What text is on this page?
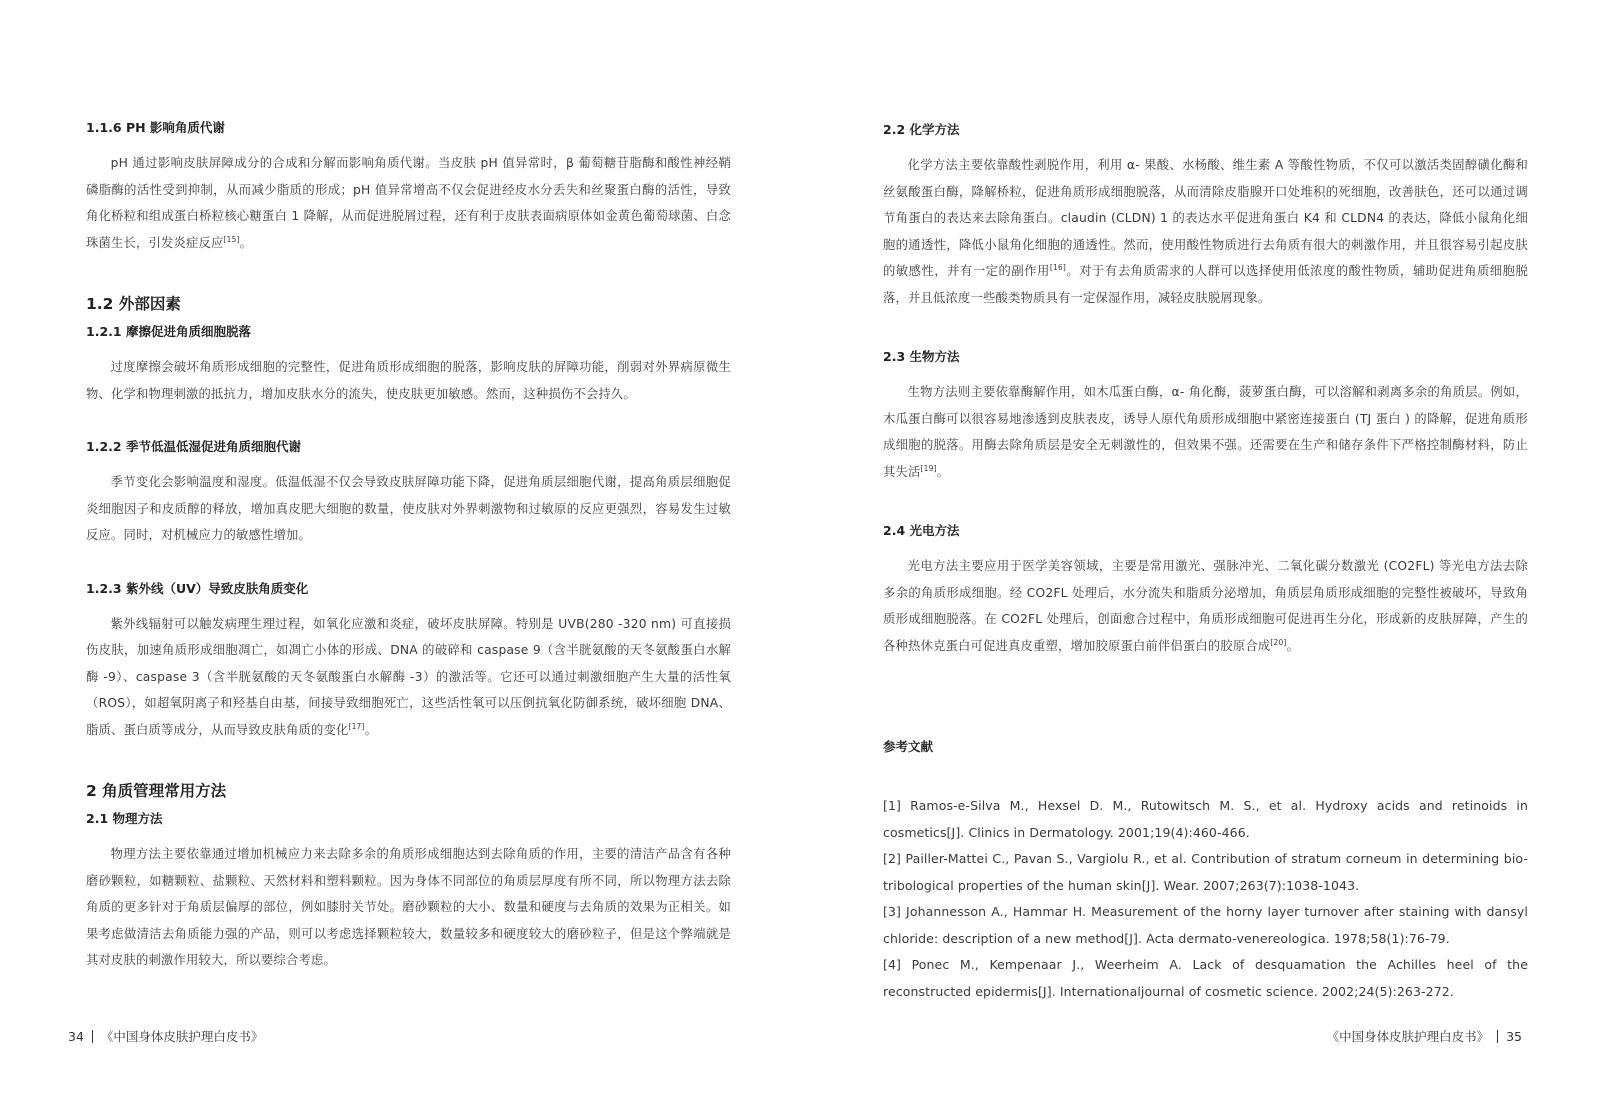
1.1.6 PH 影响角质代谢

pH 通过影响皮肤屏障成分的合成和分解而影响角质代谢。当皮肤 pH 值异常时，β 葡萄糖苷脂酶和酸性神经鞘磷脂酶的活性受到抑制，从而减少脂质的形成；pH 值异常增高不仅会促进经皮水分丢失和丝聚蛋白酶的活性，导致角化桥粒和组成蛋白桥粒核心糖蛋白 1 降解，从而促进脱屑过程，还有利于皮肤表面病原体如金黄色葡萄球菌、白念珠菌生长，引发炎症反应[15]。

1.2 外部因素
1.2.1 摩擦促进角质细胞脱落

过度摩擦会破坏角质形成细胞的完整性，促进角质形成细胞的脱落，影响皮肤的屏障功能，削弱对外界病原微生物、化学和物理刺激的抵抗力，增加皮肤水分的流失，使皮肤更加敏感。然而，这种损伤不会持久。

1.2.2 季节低温低湿促进角质细胞代谢

季节变化会影响温度和湿度。低温低湿不仅会导致皮肤屏障功能下降，促进角质层细胞代谢，提高角质层细胞促炎细胞因子和皮质醇的释放，增加真皮肥大细胞的数量，使皮肤对外界刺激物和过敏原的反应更强烈，容易发生过敏反应。同时，对机械应力的敏感性增加。

1.2.3 紫外线（UV）导致皮肤角质变化

紫外线辐射可以触发病理生理过程，如氧化应激和炎症，破坏皮肤屏障。特别是 UVB(280 -320 nm) 可直接损伤皮肤，加速角质形成细胞凋亡，如凋亡小体的形成、DNA 的破碎和 caspase 9（含半胱氨酸的天冬氨酸蛋白水解酶 -9）、caspase 3（含半胱氨酸的天冬氨酸蛋白水解酶 -3）的激活等。它还可以通过刺激细胞产生大量的活性氧（ROS），如超氧阴离子和羟基自由基，间接导致细胞死亡，这些活性氧可以压倒抗氧化防御系统，破坏细胞 DNA、脂质、蛋白质等成分，从而导致皮肤角质的变化[17]。

2 角质管理常用方法
2.1 物理方法

物理方法主要依靠通过增加机械应力来去除多余的角质形成细胞达到去除角质的作用，主要的清洁产品含有各种磨砂颗粒，如糖颗粒、盐颗粒、天然材料和塑料颗粒。因为身体不同部位的角质层厚度有所不同，所以物理方法去除角质的更多针对于角质层偏厚的部位，例如膝肘关节处。磨砂颗粒的大小、数量和硬度与去角质的效果为正相关。如果考虑做清洁去角质能力强的产品，则可以考虑选择颗粒较大，数量较多和硬度较大的磨砂粒子，但是这个弊端就是其对皮肤的刺激作用较大，所以要综合考虑。

34 《中国身体皮肤护理白皮书》
2.2 化学方法

化学方法主要依靠酸性剥脱作用，利用 α- 果酸、水杨酸、维生素 A 等酸性物质，不仅可以激活类固醇磺化酶和丝氨酸蛋白酶，降解桥粒，促进角质形成细胞脱落，从而清除皮脂腺开口处堆积的死细胞，改善肤色，还可以通过调节角蛋白的表达来去除角蛋白。claudin (CLDN) 1 的表达水平促进角蛋白 K4 和 CLDN4 的表达，降低小鼠角化细胞的通透性，降低小鼠角化细胞的通透性。然而，使用酸性物质进行去角质有很大的刺激作用，并且很容易引起皮肤的敏感性，并有一定的副作用[16]。对于有去角质需求的人群可以选择使用低浓度的酸性物质，辅助促进角质细胞脱落，并且低浓度一些酸类物质具有一定保湿作用，减轻皮肤脱屑现象。

2.3 生物方法

生物方法则主要依靠酶解作用，如木瓜蛋白酶，α- 角化酶，菠萝蛋白酶，可以溶解和剥离多余的角质层。例如，木瓜蛋白酶可以很容易地渗透到皮肤表皮，诱导人原代角质形成细胞中紧密连接蛋白 (TJ 蛋白 ) 的降解，促进角质形成细胞的脱落。用酶去除角质层是安全无刺激性的，但效果不强。还需要在生产和储存条件下严格控制酶材料，防止其失活[19]。

2.4 光电方法

光电方法主要应用于医学美容领域，主要是常用激光、强脉冲光、二氧化碳分数激光 (CO2FL) 等光电方法去除多余的角质形成细胞。经 CO2FL 处理后，水分流失和脂质分泌增加，角质层角质形成细胞的完整性被破坏，导致角质形成细胞脱落。在 CO2FL 处理后，创面愈合过程中，角质形成细胞可促进再生分化，形成新的皮肤屏障，产生的各种热休克蛋白可促进真皮重塑，增加胶原蛋白前伴侣蛋白的胶原合成[20]。

参考文献

[1] Ramos-e-Silva M., Hexsel D. M., Rutowitsch M. S., et al. Hydroxy acids and retinoids in cosmetics[J]. Clinics in Dermatology. 2001;19(4):460-466.

[2] Pailler-Mattei C., Pavan S., Vargiolu R., et al. Contribution of stratum corneum in determining bio-tribological properties of the human skin[J]. Wear. 2007;263(7):1038-1043.

[3] Johannesson A., Hammar H. Measurement of the horny layer turnover after staining with dansyl chloride: description of a new method[J]. Acta dermato-venereologica. 1978;58(1):76-79.

[4] Ponec M., Kempenaar J., Weerheim A. Lack of desquamation the Achilles heel of the reconstructed epidermis[J]. Internationaljournal of cosmetic science. 2002;24(5):263-272.

《中国身体皮肤护理白皮书》 35
